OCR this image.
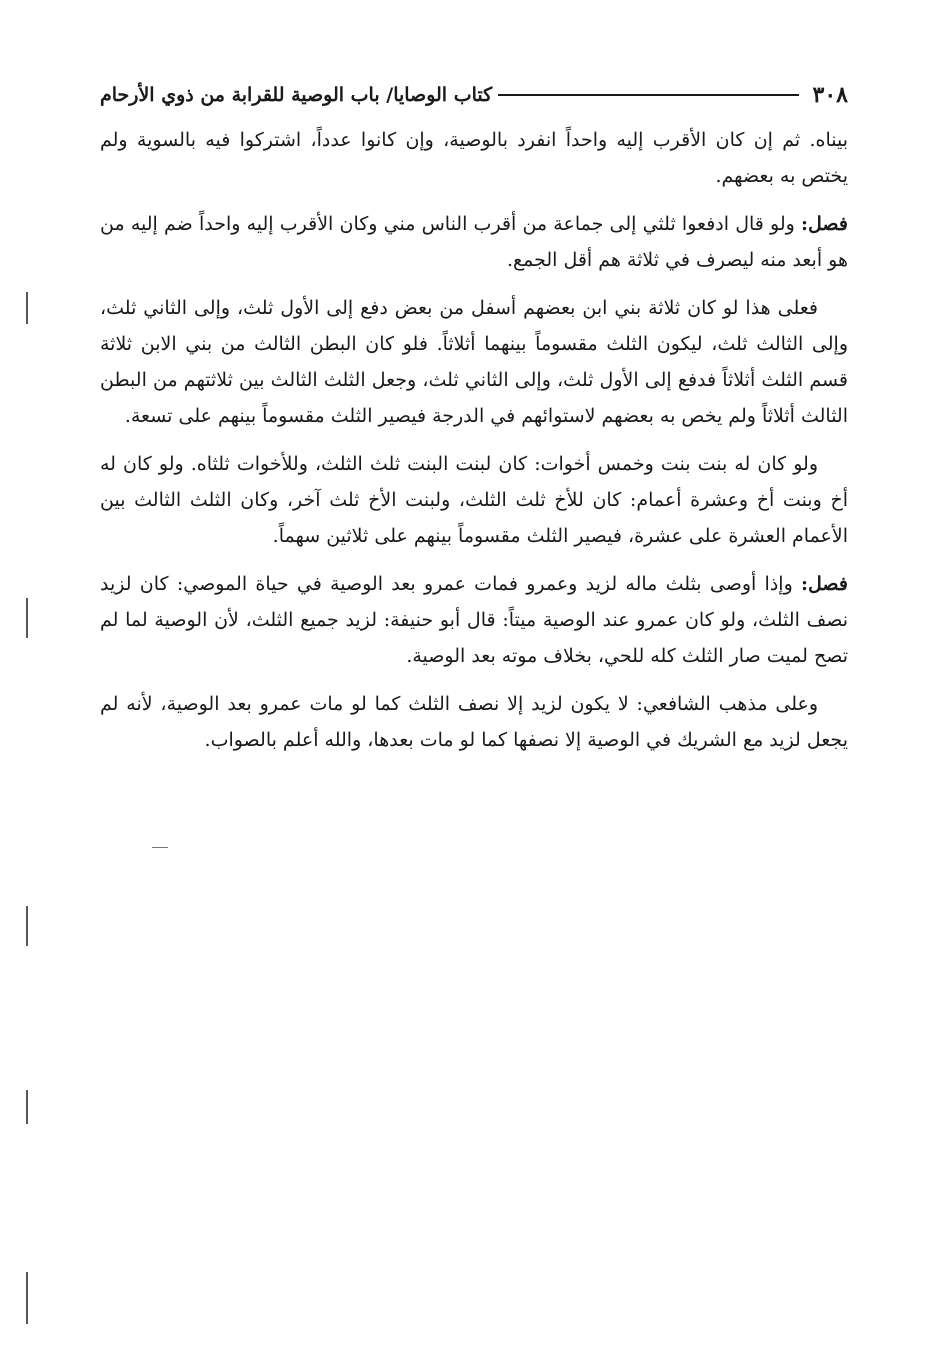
٣٠٨
كتاب الوصايا/ باب الوصية للقرابة من ذوي الأرحام

بيناه. ثم إن كان الأقرب إليه واحداً انفرد بالوصية، وإن كانوا عدداً، اشتركوا فيه بالسوية ولم يختص به بعضهم.

فصل: ولو قال ادفعوا ثلثي إلى جماعة من أقرب الناس مني وكان الأقرب إليه واحداً ضم إليه من هو أبعد منه ليصرف في ثلاثة هم أقل الجمع.

فعلى هذا لو كان ثلاثة بني ابن بعضهم أسفل من بعض دفع إلى الأول ثلث، وإلى الثاني ثلث، وإلى الثالث ثلث، ليكون الثلث مقسوماً بينهما أثلاثاً. فلو كان البطن الثالث من بني الابن ثلاثة قسم الثلث أثلاثاً فدفع إلى الأول ثلث، وإلى الثاني ثلث، وجعل الثلث الثالث بين ثلاثتهم من البطن الثالث أثلاثاً ولم يخص به بعضهم لاستوائهم في الدرجة فيصير الثلث مقسوماً بينهم على تسعة.

ولو كان له بنت بنت وخمس أخوات: كان لبنت البنت ثلث الثلث، وللأخوات ثلثاه. ولو كان له أخ وبنت أخ وعشرة أعمام: كان للأخ ثلث الثلث، ولبنت الأخ ثلث آخر، وكان الثلث الثالث بين الأعمام العشرة على عشرة، فيصير الثلث مقسوماً بينهم على ثلاثين سهماً.

فصل: وإذا أوصى بثلث ماله لزيد وعمرو فمات عمرو بعد الوصية في حياة الموصي: كان لزيد نصف الثلث، ولو كان عمرو عند الوصية ميتاً: قال أبو حنيفة: لزيد جميع الثلث، لأن الوصية لما لم تصح لميت صار الثلث كله للحي، بخلاف موته بعد الوصية.

وعلى مذهب الشافعي: لا يكون لزيد إلا نصف الثلث كما لو مات عمرو بعد الوصية، لأنه لم يجعل لزيد مع الشريك في الوصية إلا نصفها كما لو مات بعدها، والله أعلم بالصواب.
